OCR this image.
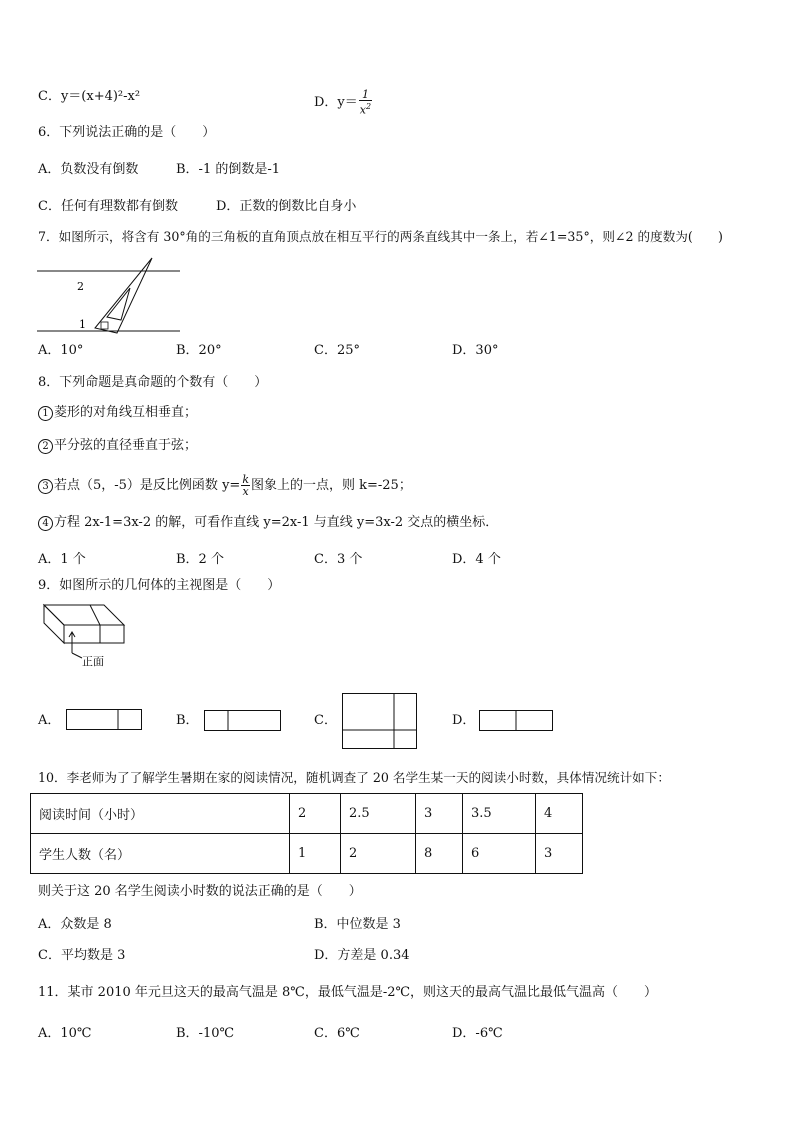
C．y＝(x+4)²-x²	D．$y= \frac{1}{x^2}$
6．下列说法正确的是（　　）
A．负数没有倒数	B．-1 的倒数是-1
C．任何有理数都有倒数	D．正数的倒数比自身小
7．如图所示，将含有 30°角的三角板的直角顶点放在相互平行的两条直线其中一条上，若∠1=35°，则∠2 的度数为(　　)
2
1
A．10°	B．20°	C．25°	D．30°
8．下列命题是真命题的个数有（　　）
1 菱形的对角线互相垂直；
2 平分弦的直径垂直于弦；
3 若点（5，-5）是反比例函数 $y= \frac{k}{x}$ 图象上的一点，则 k=-25；
4 方程 2x-1=3x-2 的解，可看作直线 y=2x-1 与直线 y=3x-2 交点的横坐标．
A．1 个	B．2 个	C．3 个	D．4 个
9．如图所示的几何体的主视图是（　　）
正面
A．	B．	C．	D．
10．李老师为了了解学生暑期在家的阅读情况，随机调查了 20 名学生某一天的阅读小时数，具体情况统计如下：
阅读时间（小时）	2	2.5	3	3.5	4
学生人数（名）	1	2	8	6	3
则关于这 20 名学生阅读小时数的说法正确的是（　　）
A．众数是 8	B．中位数是 3
C．平均数是 3	D．方差是 0.34
11．某市 2010 年元旦这天的最高气温是 8℃，最低气温是-2℃，则这天的最高气温比最低气温高（　　）
A．10℃	B．-10℃	C．6℃	D．-6℃
